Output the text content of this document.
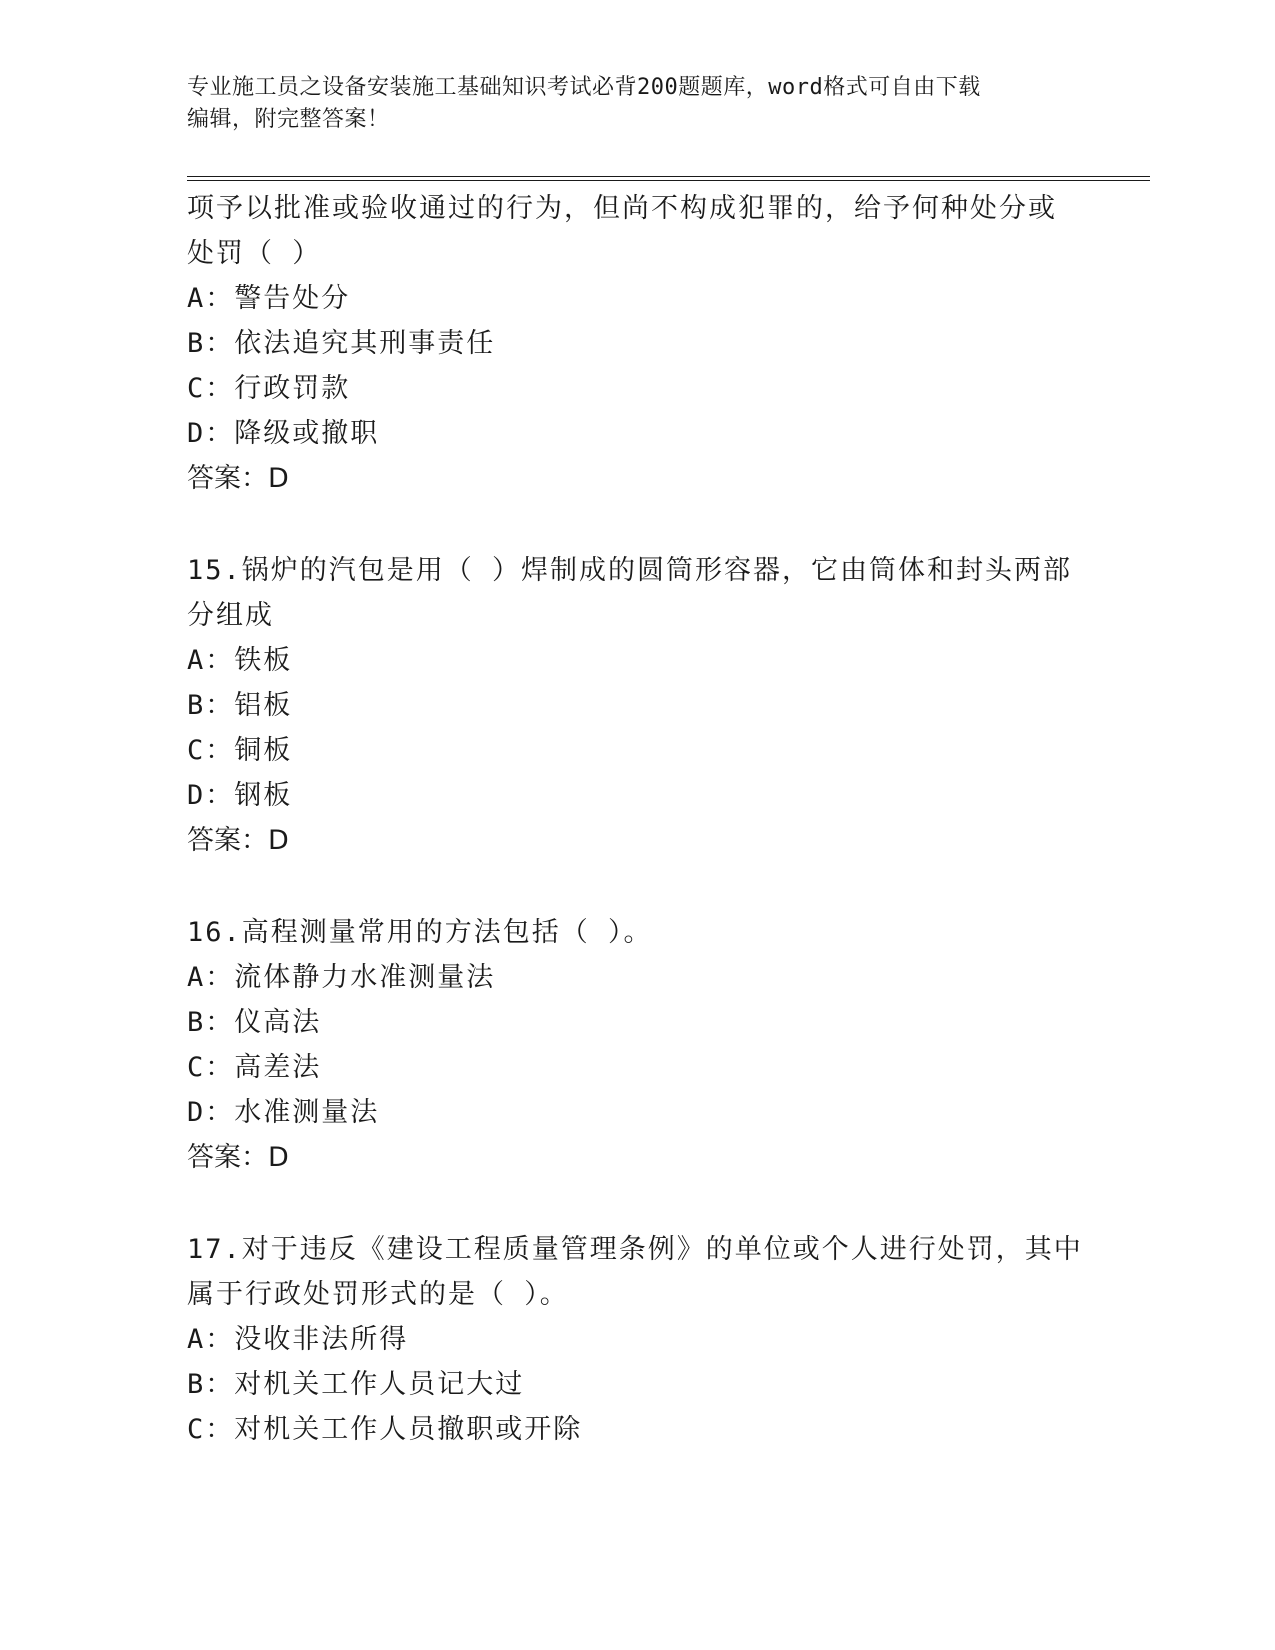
专业施工员之设备安装施工基础知识考试必背200题题库，word格式可自由下载
编辑，附完整答案！
项予以批准或验收通过的行为，但尚不构成犯罪的，给予何种处分或
处罚（ ）
A：警告处分
B：依法追究其刑事责任
C：行政罚款
D：降级或撤职
答案：D
15.锅炉的汽包是用（ ）焊制成的圆筒形容器，它由筒体和封头两部
分组成
A：铁板
B：铝板
C：铜板
D：钢板
答案：D
16.高程测量常用的方法包括（ ）。
A：流体静力水准测量法
B：仪高法
C：高差法
D：水准测量法
答案：D
17.对于违反《建设工程质量管理条例》的单位或个人进行处罚，其中
属于行政处罚形式的是（ ）。
A：没收非法所得
B：对机关工作人员记大过
C：对机关工作人员撤职或开除
